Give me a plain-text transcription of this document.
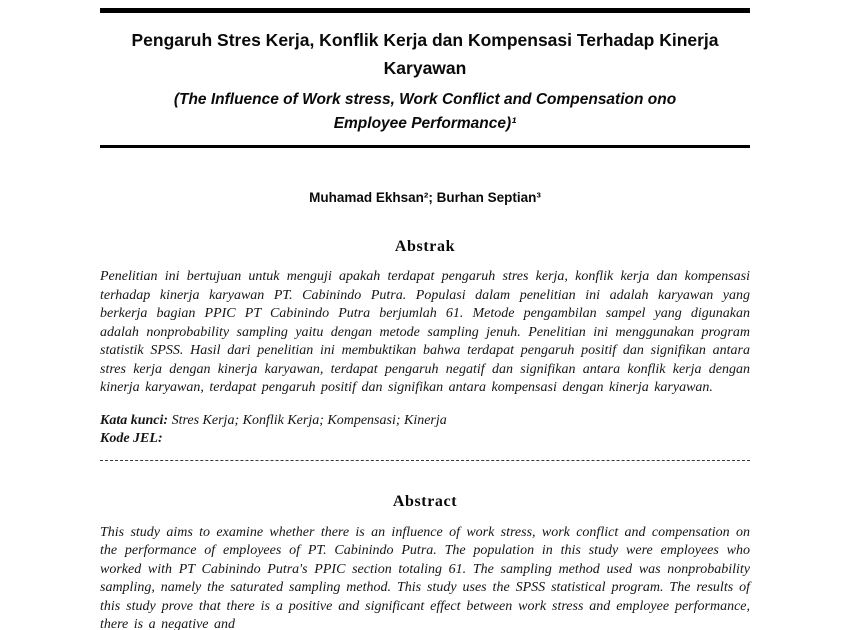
Pengaruh Stres Kerja, Konflik Kerja dan Kompensasi Terhadap Kinerja Karyawan
(The Influence of Work stress, Work Conflict and Compensation ono Employee Performance)¹
Muhamad Ekhsan²; Burhan Septian³
Abstrak

Penelitian ini bertujuan untuk menguji apakah terdapat pengaruh stres kerja, konflik kerja dan kompensasi terhadap kinerja karyawan PT. Cabinindo Putra. Populasi dalam penelitian ini adalah karyawan yang berkerja bagian PPIC PT Cabinindo Putra berjumlah 61. Metode pengambilan sampel yang digunakan adalah nonprobability sampling yaitu dengan metode sampling jenuh. Penelitian ini menggunakan program statistik SPSS. Hasil dari penelitian ini membuktikan bahwa terdapat pengaruh positif dan signifikan antara stres kerja dengan kinerja karyawan, terdapat pengaruh negatif dan signifikan antara konflik kerja dengan kinerja karyawan, terdapat pengaruh positif dan signifikan antara kompensasi dengan kinerja karyawan.

Kata kunci: Stres Kerja; Konflik Kerja; Kompensasi; Kinerja

Kode JEL:

Abstract

This study aims to examine whether there is an influence of work stress, work conflict and compensation on the performance of employees of PT. Cabinindo Putra. The population in this study were employees who worked with PT Cabinindo Putra's PPIC section totaling 61. The sampling method used was nonprobability sampling, namely the saturated sampling method. This study uses the SPSS statistical program. The results of this study prove that there is a positive and significant effect between work stress and employee performance, there is a negative and
